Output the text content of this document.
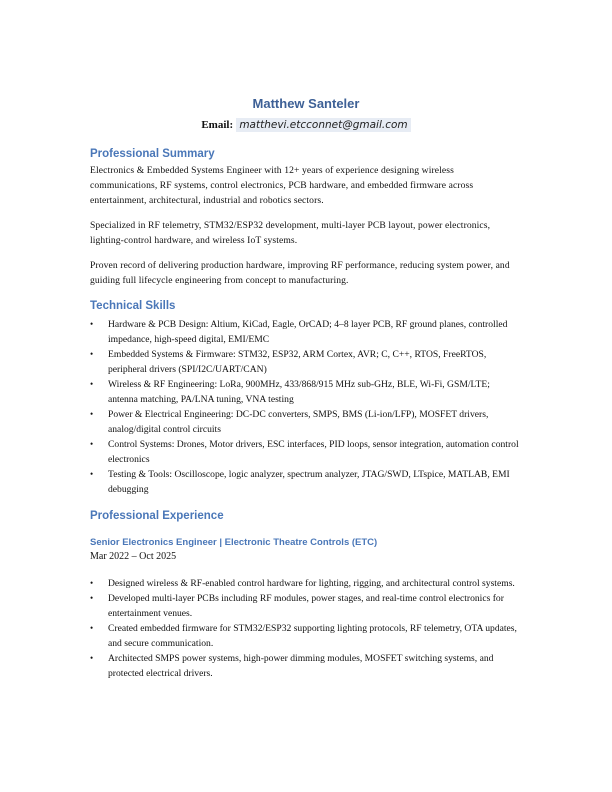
Matthew Santeler
Email: matthevi.etcconnet@gmail.com
Professional Summary
Electronics & Embedded Systems Engineer with 12+ years of experience designing wireless communications, RF systems, control electronics, PCB hardware, and embedded firmware across entertainment, architectural, industrial and robotics sectors.
Specialized in RF telemetry, STM32/ESP32 development, multi-layer PCB layout, power electronics, lighting-control hardware, and wireless IoT systems.
Proven record of delivering production hardware, improving RF performance, reducing system power, and guiding full lifecycle engineering from concept to manufacturing.
Technical Skills
• Hardware & PCB Design: Altium, KiCad, Eagle, OrCAD; 4–8 layer PCB, RF ground planes, controlled impedance, high-speed digital, EMI/EMC
• Embedded Systems & Firmware: STM32, ESP32, ARM Cortex, AVR; C, C++, RTOS, FreeRTOS, peripheral drivers (SPI/I2C/UART/CAN)
• Wireless & RF Engineering: LoRa, 900MHz, 433/868/915 MHz sub-GHz, BLE, Wi-Fi, GSM/LTE; antenna matching, PA/LNA tuning, VNA testing
• Power & Electrical Engineering: DC-DC converters, SMPS, BMS (Li-ion/LFP), MOSFET drivers, analog/digital control circuits
• Control Systems: Drones, Motor drivers, ESC interfaces, PID loops, sensor integration, automation control electronics
• Testing & Tools: Oscilloscope, logic analyzer, spectrum analyzer, JTAG/SWD, LTspice, MATLAB, EMI debugging
Professional Experience
Senior Electronics Engineer | Electronic Theatre Controls (ETC)
Mar 2022 – Oct 2025
• Designed wireless & RF-enabled control hardware for lighting, rigging, and architectural control systems.
• Developed multi-layer PCBs including RF modules, power stages, and real-time control electronics for entertainment venues.
• Created embedded firmware for STM32/ESP32 supporting lighting protocols, RF telemetry, OTA updates, and secure communication.
• Architected SMPS power systems, high-power dimming modules, MOSFET switching systems, and protected electrical drivers.
